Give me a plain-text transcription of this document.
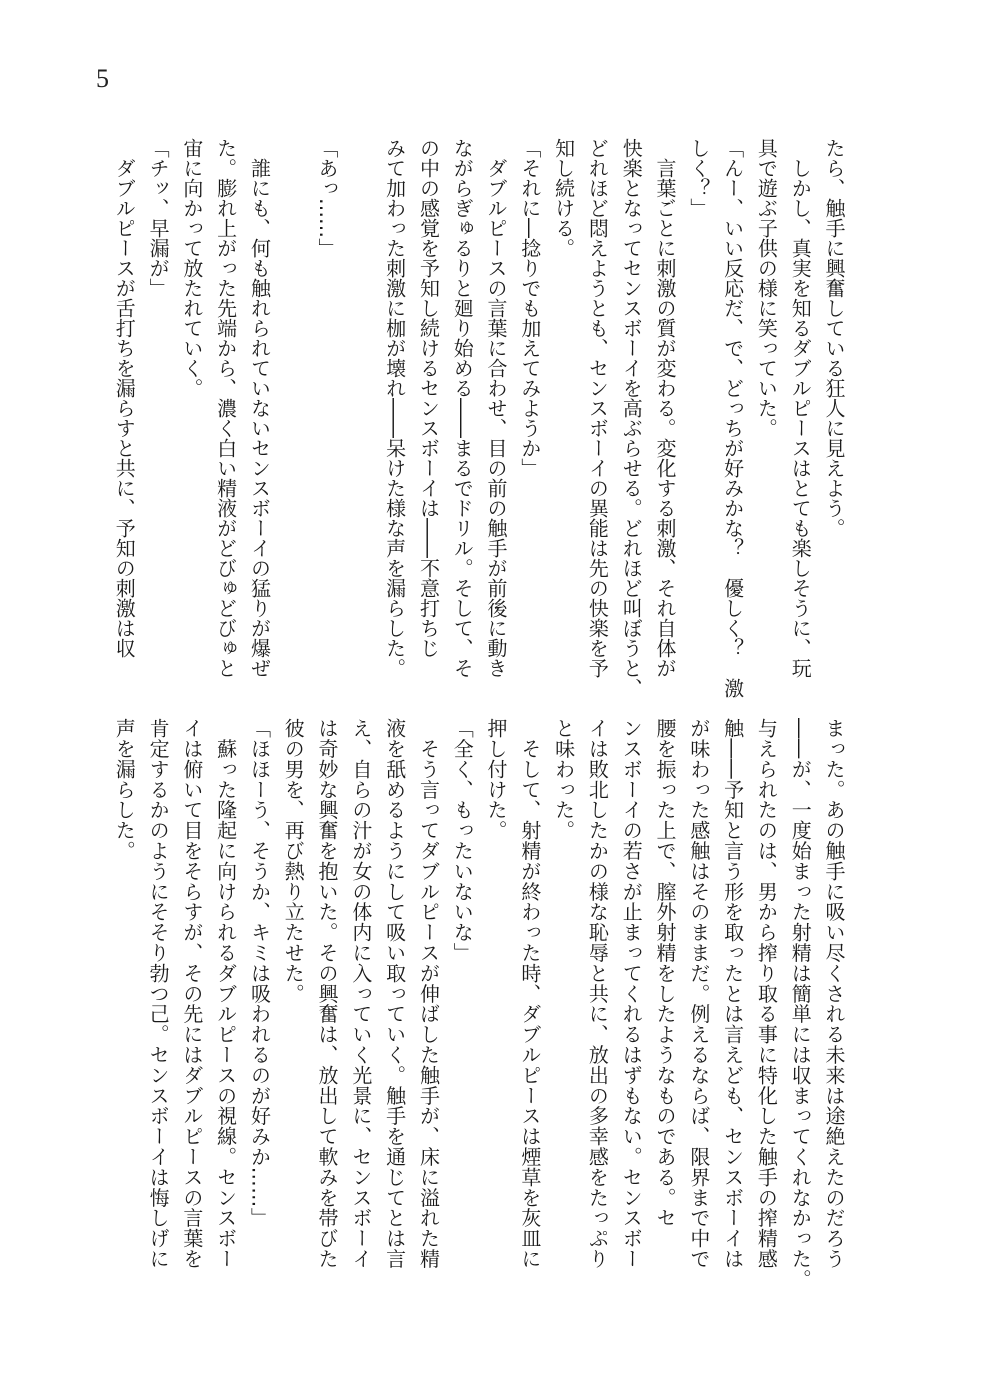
5
たら、触手に興奮している狂人に見えよう。
　しかし、真実を知るダブルピースはとても楽しそうに、玩
具で遊ぶ子供の様に笑っていた。
「んー、いい反応だ、で、どっちが好みかな？　優しく？　激
しく？」
　言葉ごとに刺激の質が変わる。変化する刺激、それ自体が
快楽となってセンスボーイを高ぶらせる。どれほど叫ぼうと、
どれほど悶えようとも、センスボーイの異能は先の快楽を予
知し続ける。
「それに―捻りでも加えてみようか」
　ダブルピースの言葉に合わせ、目の前の触手が前後に動き
ながらぎゅるりと廻り始める――まるでドリル。そして、そ
の中の感覚を予知し続けるセンスボーイは――不意打ちじ
みて加わった刺激に枷が壊れ――呆けた様な声を漏らした。
「あっ……」
　誰にも、何も触れられていないセンスボーイの猛りが爆ぜ
た。膨れ上がった先端から、濃く白い精液がどびゅどびゅと
宙に向かって放たれていく。
「チッ、早漏が」
　ダブルピースが舌打ちを漏らすと共に、予知の刺激は収
まった。あの触手に吸い尽くされる未来は途絶えたのだろう
――が、一度始まった射精は簡単には収まってくれなかった。
与えられたのは、男から搾り取る事に特化した触手の搾精感
触――予知と言う形を取ったとは言えども、センスボーイは
が味わった感触はそのままだ。例えるならば、限界まで中で
腰を振った上で、膣外射精をしたようなものである。セ
ンスボーイの若さが止まってくれるはずもない。センスボー
イは敗北したかの様な恥辱と共に、放出の多幸感をたっぷり
と味わった。
　そして、射精が終わった時、ダブルピースは煙草を灰皿に
押し付けた。
「全く、もったいないな」
　そう言ってダブルピースが伸ばした触手が、床に溢れた精
液を舐めるようにして吸い取っていく。触手を通じてとは言
え、自らの汁が女の体内に入っていく光景に、センスボーイ
は奇妙な興奮を抱いた。その興奮は、放出して軟みを帯びた
彼の男を、再び熱り立たせた。
「ほほーう、そうか、キミは吸われるのが好みか……」
　蘇った隆起に向けられるダブルピースの視線。センスボー
イは俯いて目をそらすが、その先にはダブルピースの言葉を
肯定するかのようにそそり勃つ己。センスボーイは悔しげに
声を漏らした。
